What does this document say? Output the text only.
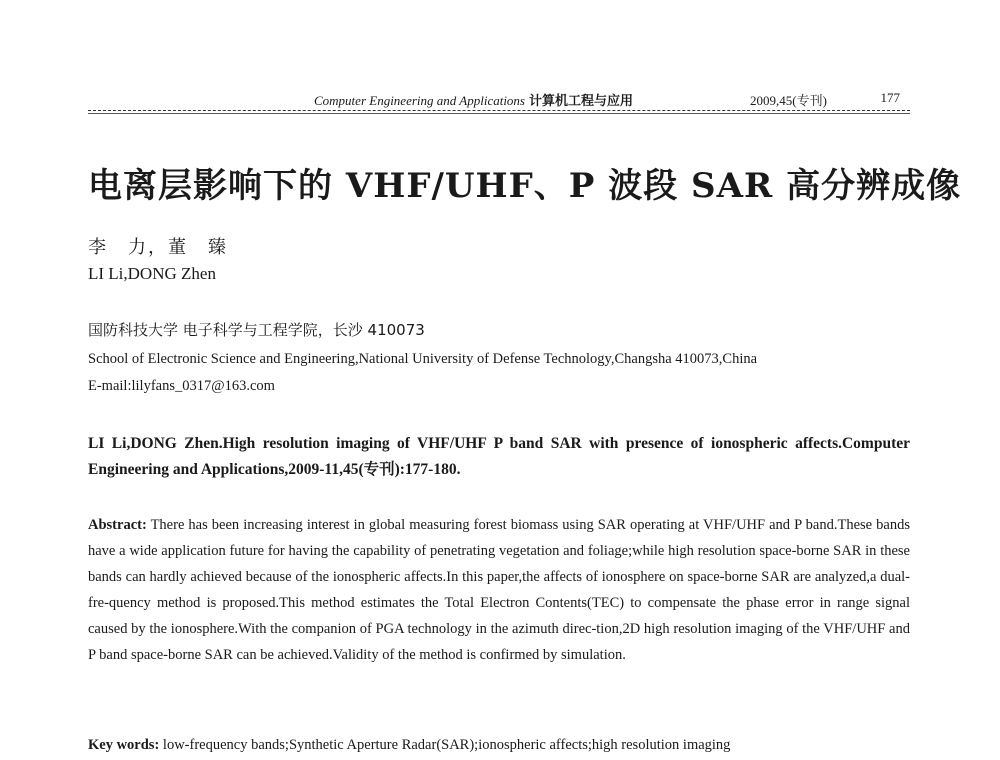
Computer Engineering and Applications 计算机工程与应用	2009,45(专刊)	177
电离层影响下的 VHF/UHF、P 波段 SAR 高分辨成像
李　力，董　臻
LI Li,DONG Zhen
国防科技大学 电子科学与工程学院，长沙 410073
School of Electronic Science and Engineering,National University of Defense Technology,Changsha 410073,China
E-mail:lilyfans_0317@163.com
LI Li,DONG Zhen.High resolution imaging of VHF/UHF P band SAR with presence of ionospheric affects.Computer Engineering and Applications,2009-11,45(专刊):177-180.
Abstract: There has been increasing interest in global measuring forest biomass using SAR operating at VHF/UHF and P band.These bands have a wide application future for having the capability of penetrating vegetation and foliage;while high resolution space-borne SAR in these bands can hardly achieved because of the ionospheric affects.In this paper,the affects of ionosphere on space-borne SAR are analyzed,a dual-fre-quency method is proposed.This method estimates the Total Electron Contents(TEC) to compensate the phase error in range signal caused by the ionosphere.With the companion of PGA technology in the azimuth direc-tion,2D high resolution imaging of the VHF/UHF and P band space-borne SAR can be achieved.Validity of the method is confirmed by simulation.
Key words: low-frequency bands;Synthetic Aperture Radar(SAR);ionospheric affects;high resolution imaging
